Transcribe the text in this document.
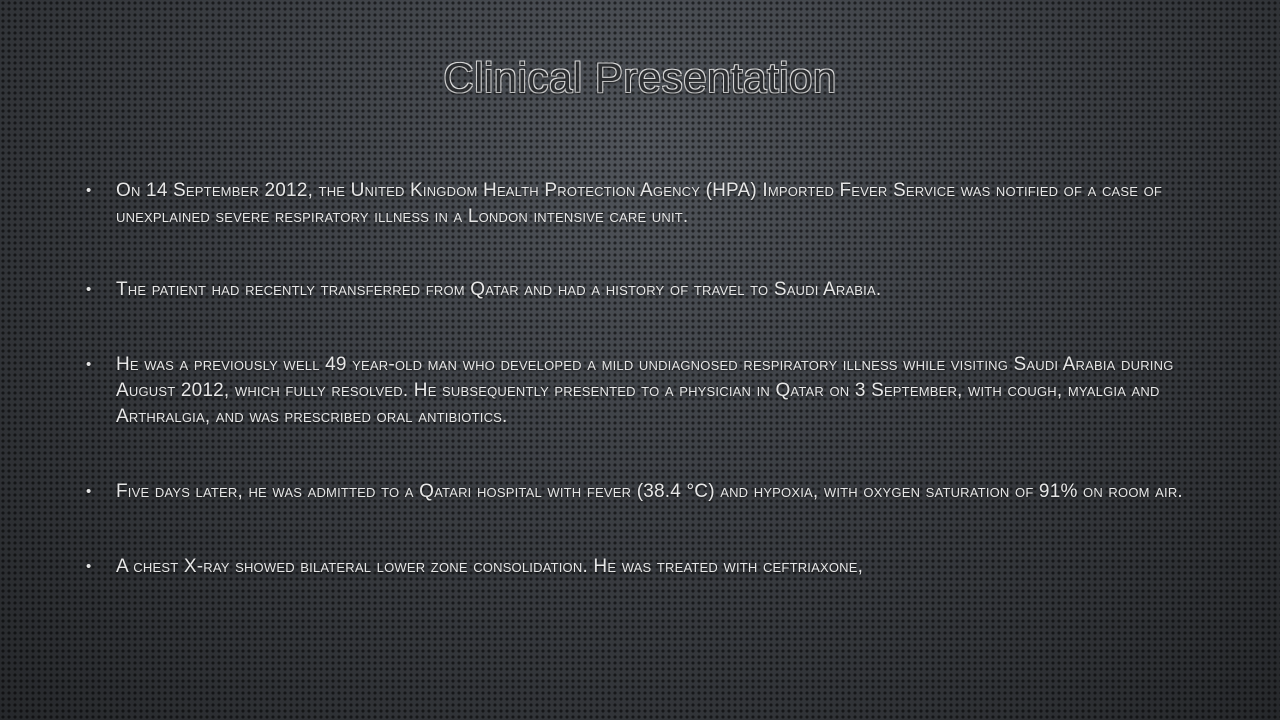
Clinical Presentation
• On 14 September 2012, the United Kingdom Health Protection Agency (HPA) Imported Fever Service was notified of a case of unexplained severe respiratory illness in a London intensive care unit.
• The patient had recently transferred from Qatar and had a history of travel to Saudi Arabia.
• He was a previously well 49 year-old man who developed a mild undiagnosed respiratory illness while visiting Saudi Arabia during August 2012, which fully resolved. He subsequently presented to a physician in Qatar on 3 September, with cough, myalgia and Arthralgia, and was prescribed oral antibiotics.
• Five days later, he was admitted to a Qatari hospital with fever (38.4 °C) and hypoxia, with oxygen saturation of 91% on room air.
• A chest X-ray showed bilateral lower zone consolidation. He was treated with ceftriaxone,
